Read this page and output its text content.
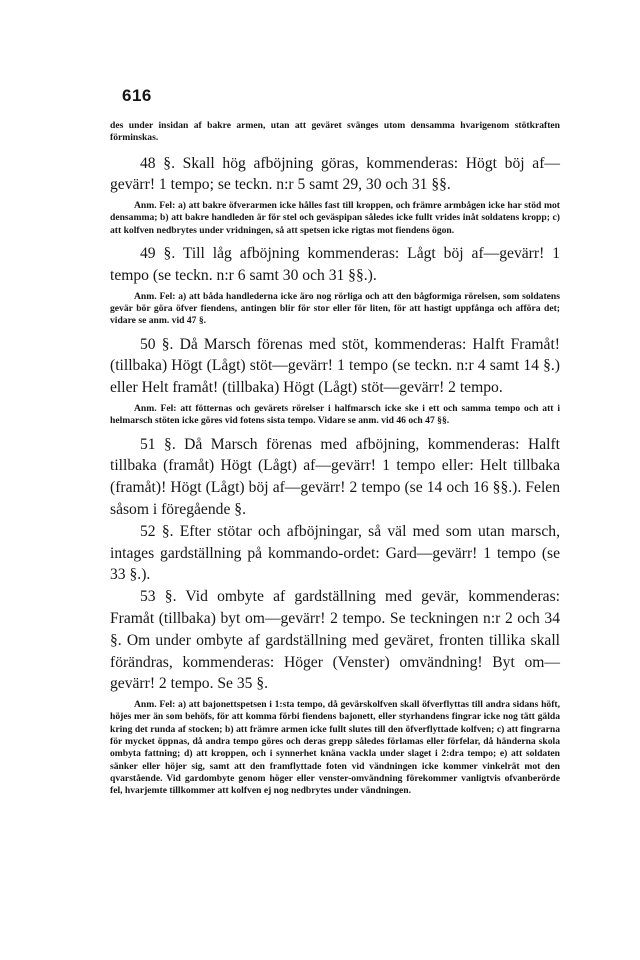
616

des under insidan af bakre armen, utan att geväret svänges utom densamma hvarigenom stötkraften förminskas.

48 §. Skall hög afböjning göras, kommenderas: Högt böj af—gevärr! 1 tempo; se teckn. n:r 5 samt 29, 30 och 31 §§.

Anm. Fel: a) att bakre öfverarmen icke hålles fast till kroppen, och främre armbågen icke har stöd mot densamma; b) att bakre handleden är för stel och geväspipan således icke fullt vrides inåt soldatens kropp; c) att kolfven nedbrytes under vridningen, så att spetsen icke rigtas mot fiendens ögon.

49 §. Till låg afböjning kommenderas: Lågt böj af—gevärr! 1 tempo (se teckn. n:r 6 samt 30 och 31 §§.).

Anm. Fel: a) att båda handlederna icke äro nog rörliga och att den bågformiga rörelsen, som soldatens gevär bör göra öfver fiendens, antingen blir för stor eller för liten, för att hastigt uppfånga och afföra det; vidare se anm. vid 47 §.

50 §. Då Marsch förenas med stöt, kommenderas: Halft Framåt! (tillbaka) Högt (Lågt) stöt—gevärr! 1 tempo (se teckn. n:r 4 samt 14 §.) eller Helt framåt! (tillbaka) Högt (Lågt) stöt—gevärr! 2 tempo.

Anm. Fel: att fötternas och gevärets rörelser i halfmarsch icke ske i ett och samma tempo och att i helmarsch stöten icke göres vid fotens sista tempo. Vidare se anm. vid 46 och 47 §§.

51 §. Då Marsch förenas med afböjning, kommenderas: Halft tillbaka (framåt) Högt (Lågt) af—gevärr! 1 tempo eller: Helt tillbaka (framåt)! Högt (Lågt) böj af—gevärr! 2 tempo (se 14 och 16 §§.). Felen såsom i föregående §.

52 §. Efter stötar och afböjningar, så väl med som utan marsch, intages gardställning på kommando-ordet: Gard—gevärr! 1 tempo (se 33 §.).

53 §. Vid ombyte af gardställning med gevär, kommenderas: Framåt (tillbaka) byt om—gevärr! 2 tempo. Se teckningen n:r 2 och 34 §. Om under ombyte af gardställning med geväret, fronten tillika skall förändras, kommenderas: Höger (Venster) omvändning! Byt om—gevärr! 2 tempo. Se 35 §.

Anm. Fel: a) att bajonettspetsen i 1:sta tempo, då gevärskolfven skall öfverflyttas till andra sidans höft, höjes mer än som behöfs, för att komma förbi fiendens bajonett, eller styrhandens fingrar icke nog tätt gälda kring det runda af stocken; b) att främre armen icke fullt slutes till den öfverflyttade kolfven; c) att fingrarna för mycket öppnas, då andra tempo göres och deras grepp således förlamas eller förfelar, då händerna skola ombyta fattning; d) att kroppen, och i synnerhet knäna vackla under slaget i 2:dra tempo; e) att soldaten sänker eller höjer sig, samt att den framflyttade foten vid vändningen icke kommer vinkelrät mot den qvarstående. Vid gardombyte genom höger eller venster-omvändning förekommer vanligtvis ofvanberörde fel, hvarjemte tillkommer att kolfven ej nog nedbrytes under vändningen.
